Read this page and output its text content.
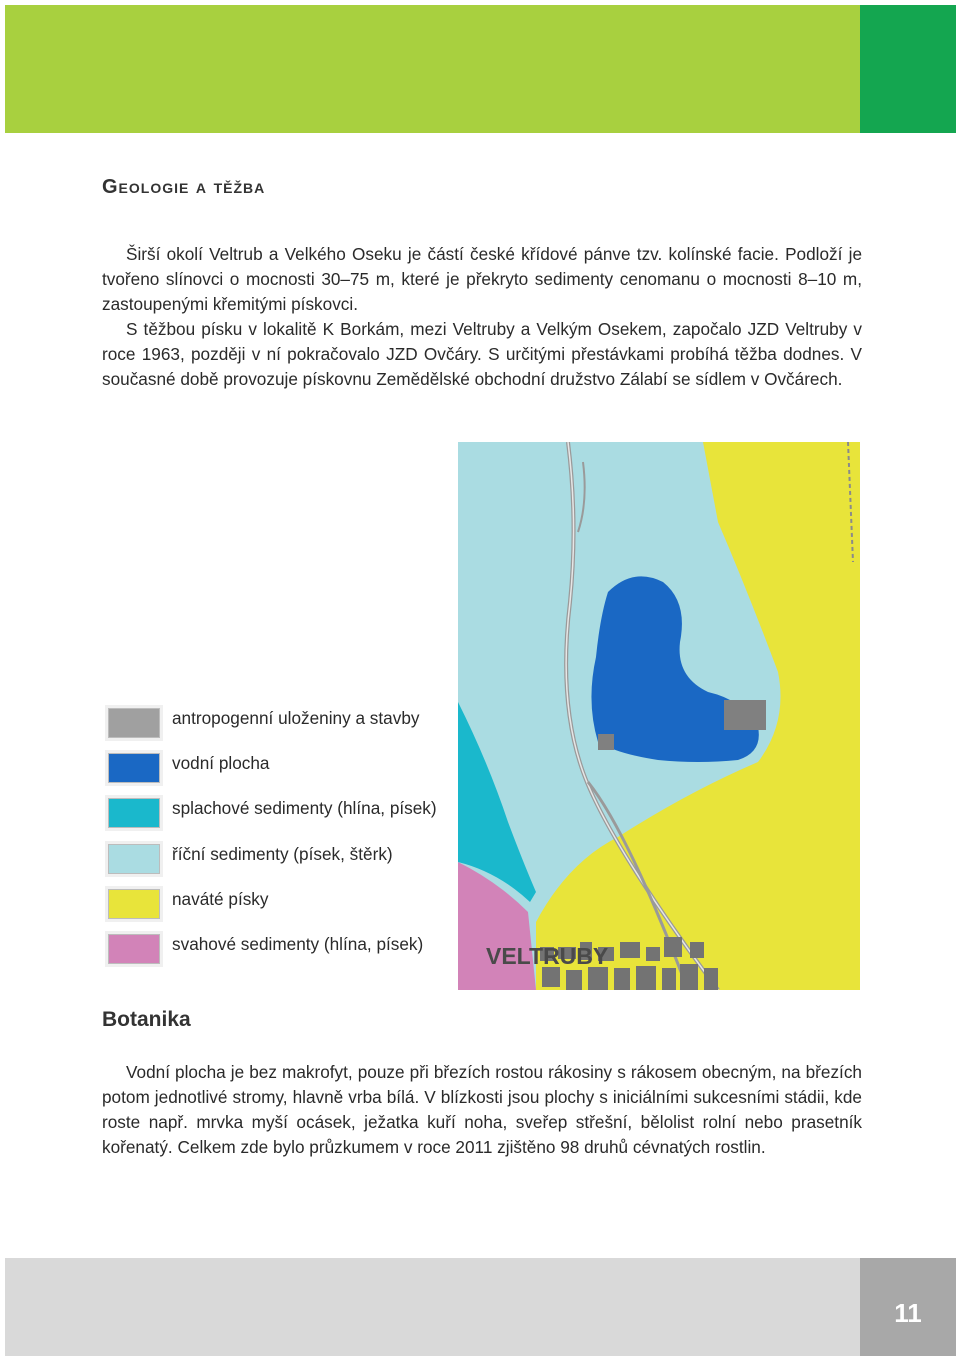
Geologie a těžba

Širší okolí Veltrub a Velkého Oseku je částí české křídové pánve tzv. kolínské facie. Podloží je tvořeno slínovci o mocnosti 30–75 m, které je překryto sedimenty cenomanu o mocnosti 8–10 m, zastoupenými křemitými pískovci.

S těžbou písku v lokalitě K Borkám, mezi Veltruby a Velkým Osekem, započalo JZD Veltruby v roce 1963, později v ní pokračovalo JZD Ovčáry. S určitými přestávkami probíhá těžba dodnes. V současné době provozuje pískovnu Zemědělské obchodní družstvo Zálabí se sídlem v Ovčárech.

VELTRUBY
antropogenní uloženiny a stavby
vodní plocha
splachové sedimenty (hlína, písek)
říční sedimenty (písek, štěrk)
naváté písky
svahové sedimenty (hlína, písek)
Botanika

Vodní plocha je bez makrofyt, pouze při březích rostou rákosiny s rákosem obecným, na březích potom jednotlivé stromy, hlavně vrba bílá. V blízkosti jsou plochy s iniciálními sukcesními stádii, kde roste např. mrvka myší ocásek, ježatka kuří noha, sveřep střešní, bělolist rolní nebo prasetník kořenatý. Celkem zde bylo průzkumem v roce 2011 zjištěno 98 druhů cévnatých rostlin.

11
